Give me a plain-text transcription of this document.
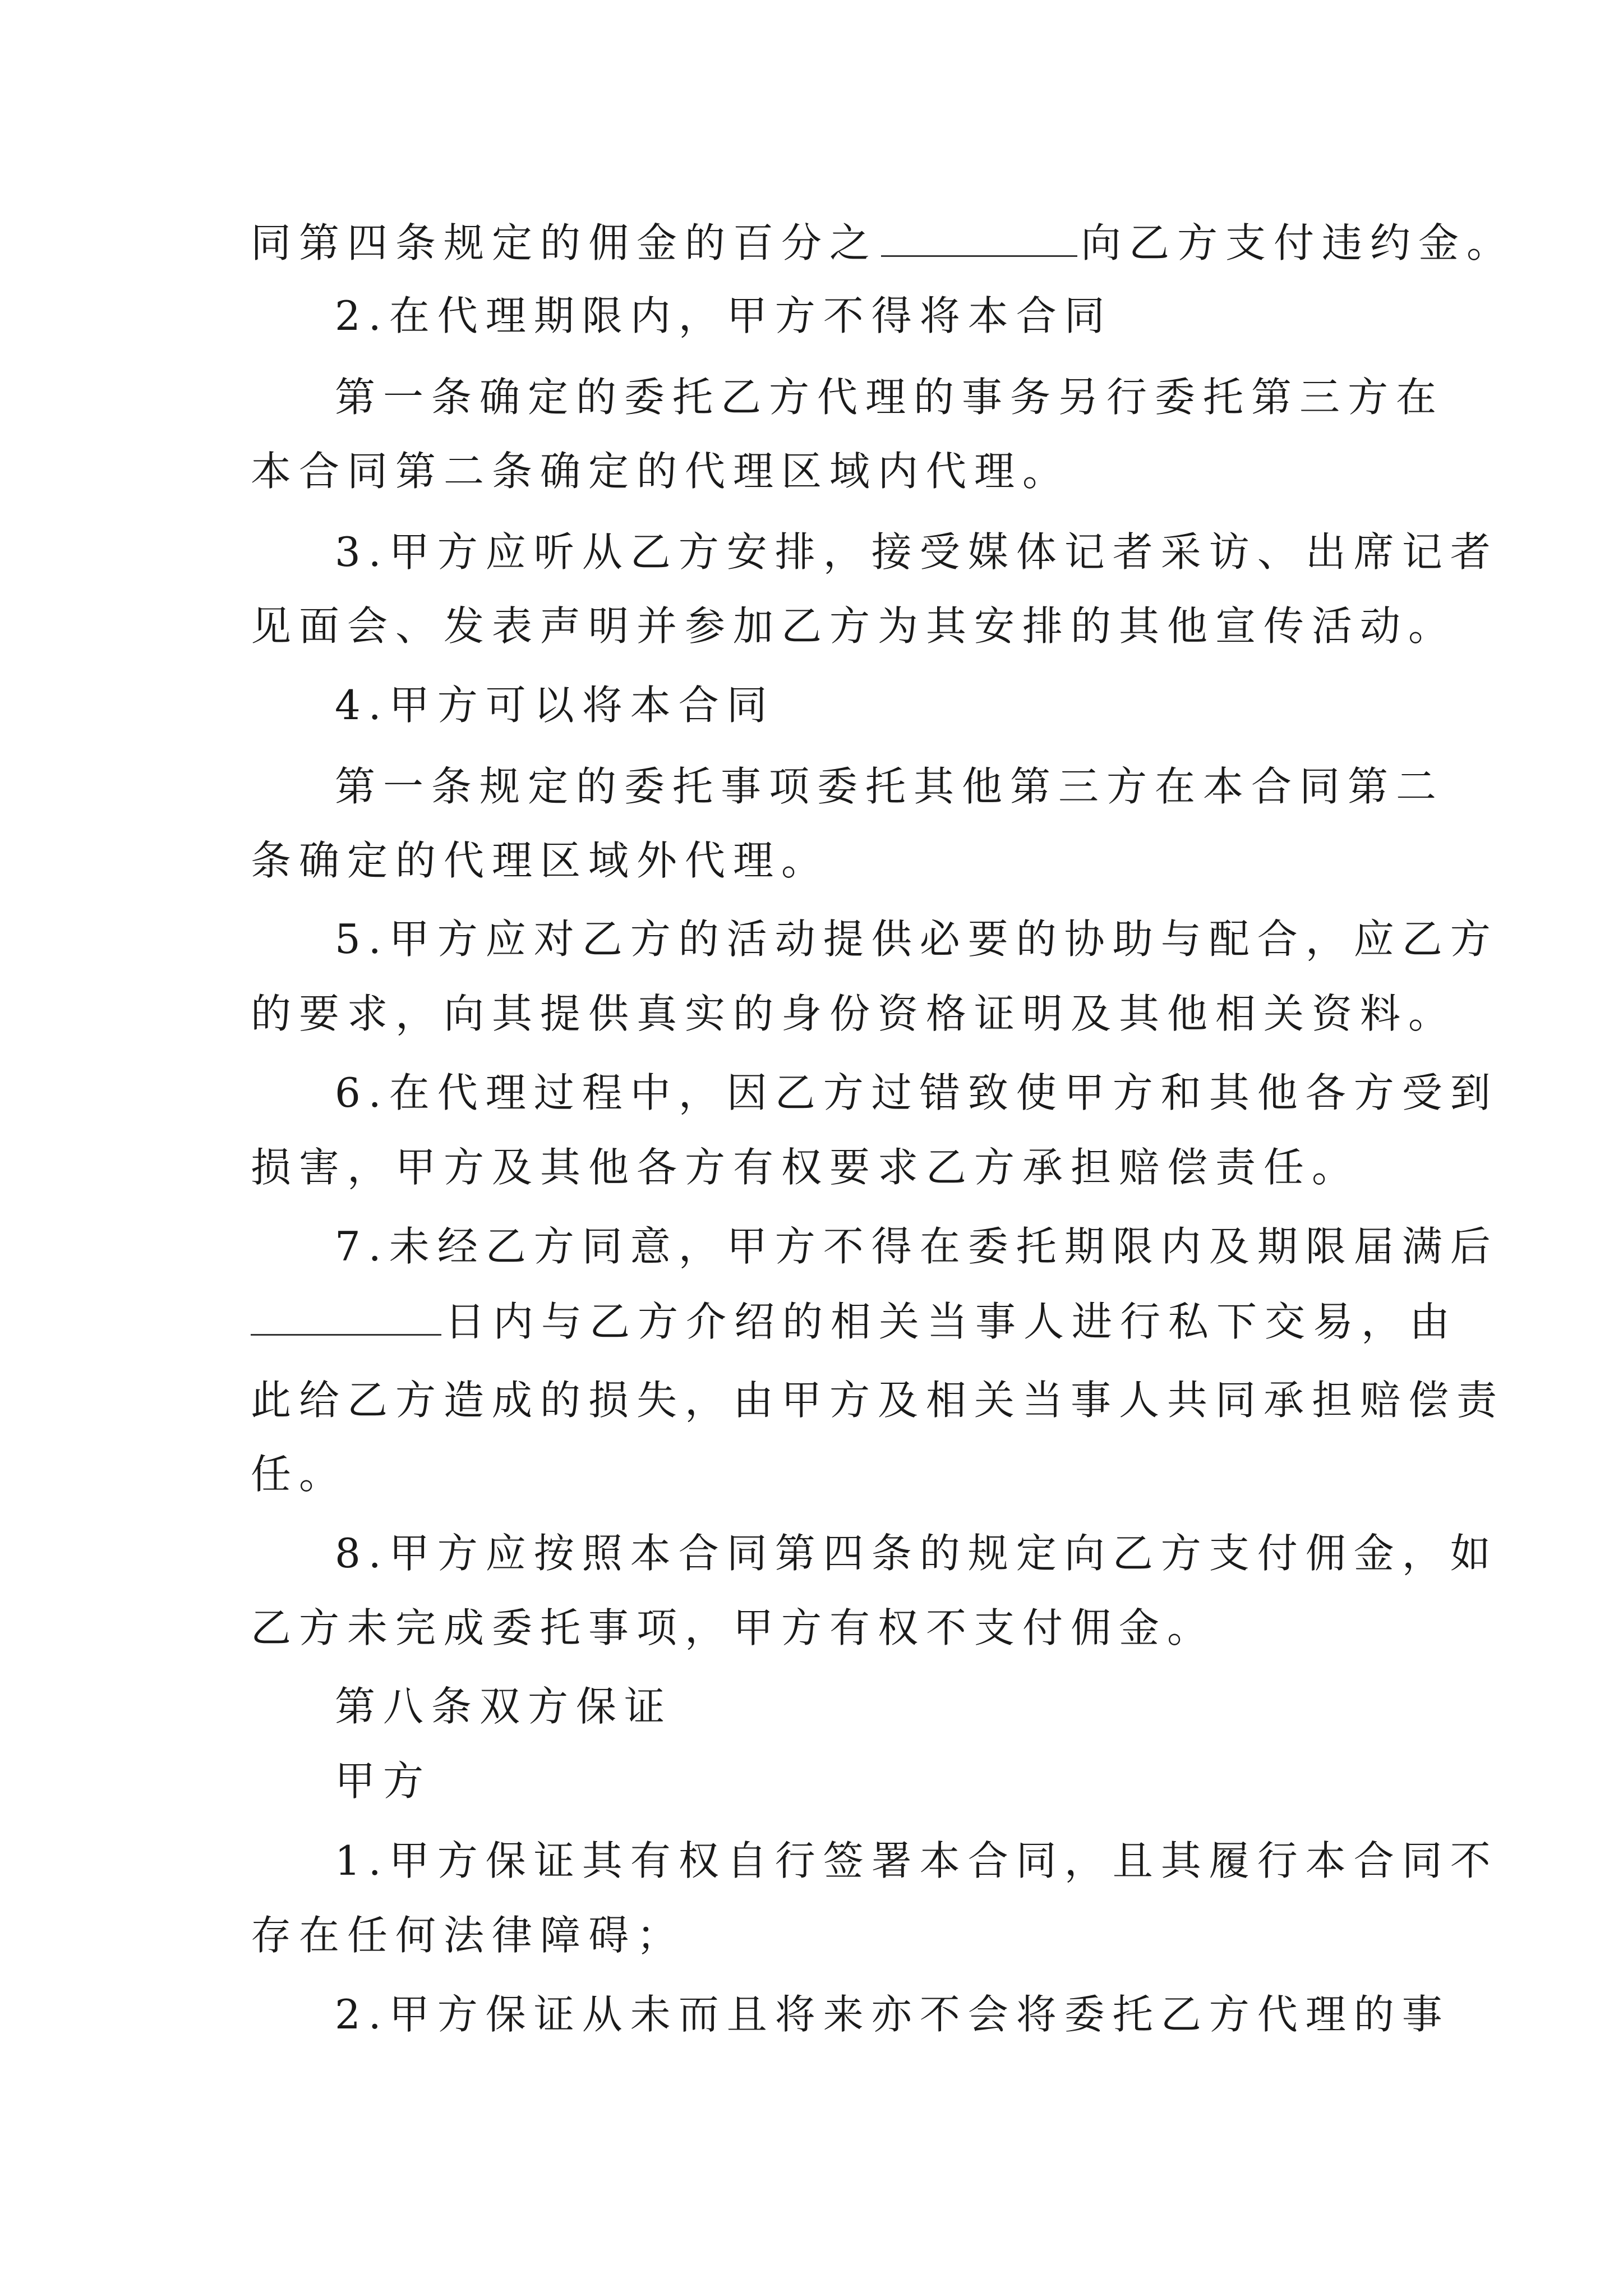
同第四条规定的佣金的百分之	向乙方支付违约金。
2.在代理期限内，甲方不得将本合同
第一条确定的委托乙方代理的事务另行委托第三方在
本合同第二条确定的代理区域内代理。
3.甲方应听从乙方安排，接受媒体记者采访、出席记者
见面会、发表声明并参加乙方为其安排的其他宣传活动。
4.甲方可以将本合同
第一条规定的委托事项委托其他第三方在本合同第二
条确定的代理区域外代理。
5.甲方应对乙方的活动提供必要的协助与配合，应乙方
的要求，向其提供真实的身份资格证明及其他相关资料。
6.在代理过程中，因乙方过错致使甲方和其他各方受到
损害，甲方及其他各方有权要求乙方承担赔偿责任。
7.未经乙方同意，甲方不得在委托期限内及期限届满后
日内与乙方介绍的相关当事人进行私下交易，由
此给乙方造成的损失，由甲方及相关当事人共同承担赔偿责
任。
8.甲方应按照本合同第四条的规定向乙方支付佣金，如
乙方未完成委托事项，甲方有权不支付佣金。
第八条双方保证
甲方
1.甲方保证其有权自行签署本合同，且其履行本合同不
存在任何法律障碍；
2.甲方保证从未而且将来亦不会将委托乙方代理的事
